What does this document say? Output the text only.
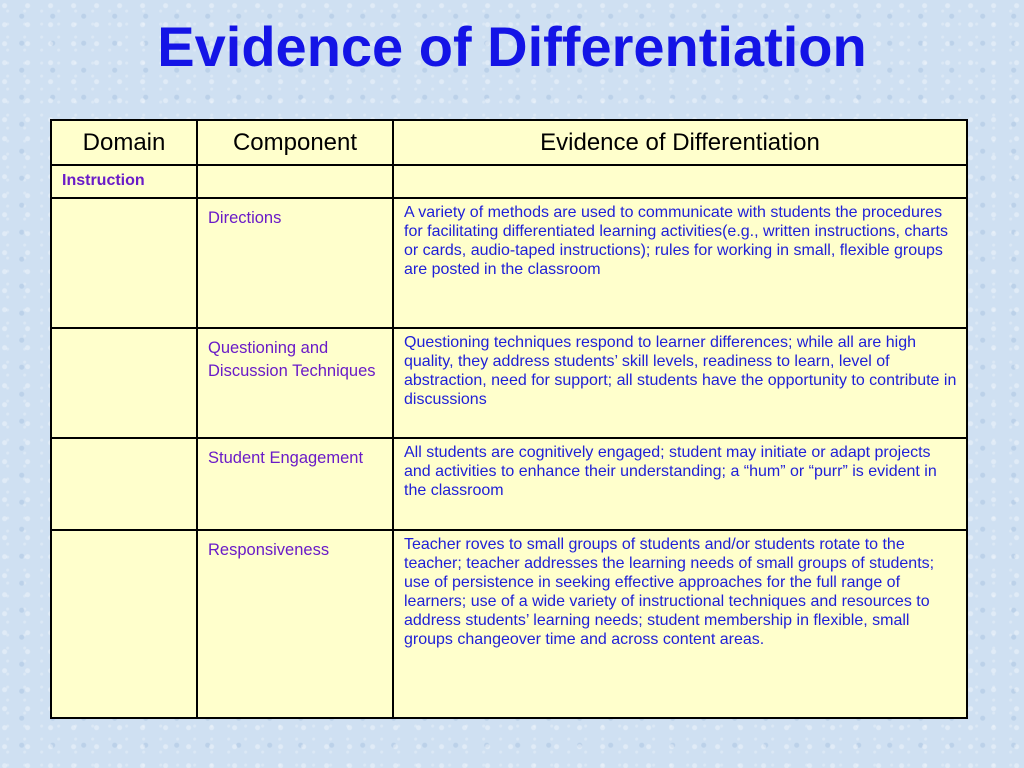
Evidence of Differentiation
Domain	Component	Evidence of Differentiation
Instruction		
	Directions	A variety of methods are used to communicate with students the procedures for facilitating differentiated learning activities(e.g., written instructions, charts or cards, audio-taped instructions); rules for working in small, flexible groups are posted in the classroom
	Questioning and Discussion Techniques	Questioning techniques respond to learner differences; while all are high quality, they address students’ skill levels, readiness to learn, level of abstraction, need for support; all students have the opportunity to contribute in discussions
	Student Engagement	All students are cognitively engaged; student may initiate or adapt projects and activities to enhance their understanding; a “hum” or “purr” is evident in the classroom
	Responsiveness	Teacher roves to small groups of students and/or students rotate to the teacher; teacher addresses the learning needs of small groups of students; use of persistence in seeking effective approaches for the full range of learners; use of a wide variety of instructional techniques and resources to address students’ learning needs; student membership in flexible, small groups changeover time and across content areas.
